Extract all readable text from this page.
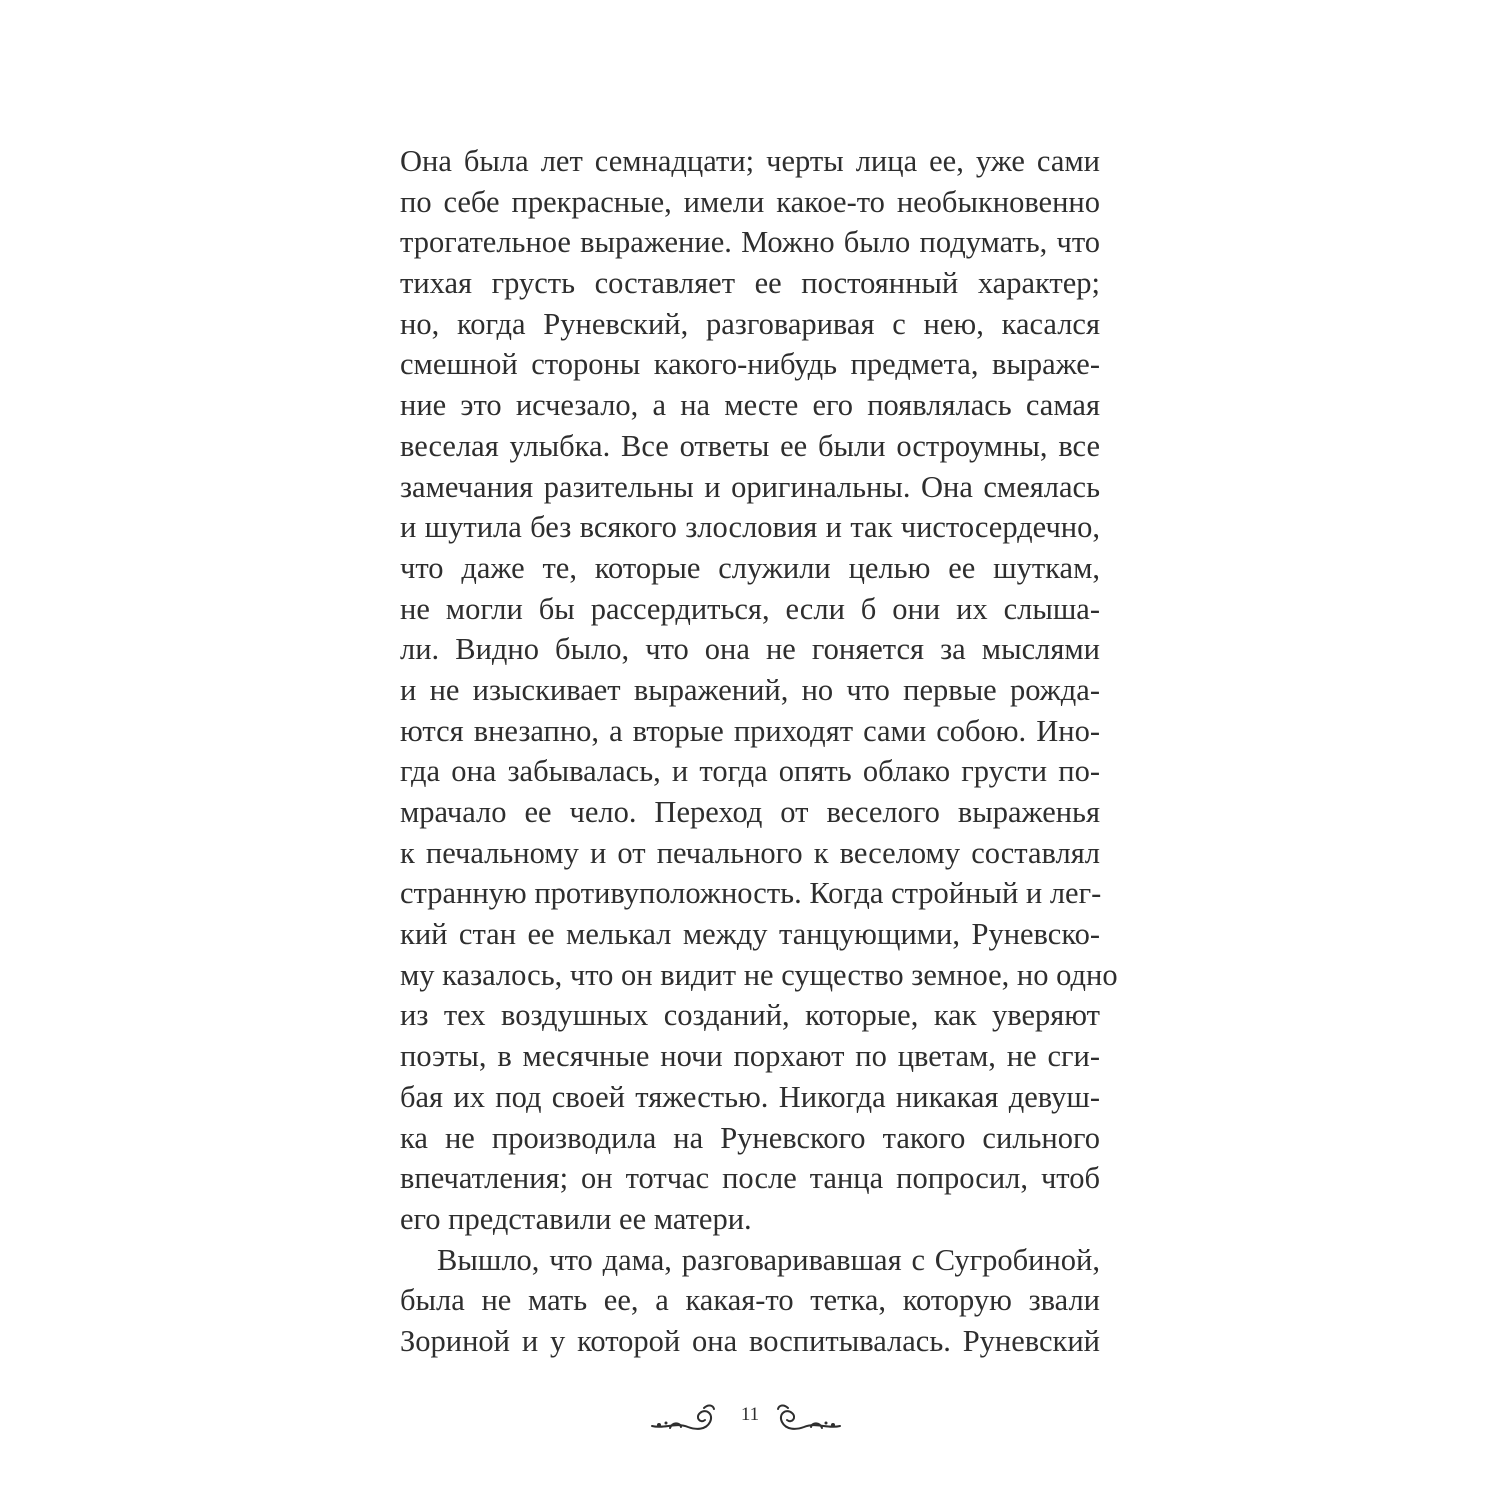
Она была лет семнадцати; черты лица ее, уже сами
по себе прекрасные, имели какое-то необыкновенно
трогательное выражение. Можно было подумать, что
тихая грусть составляет ее постоянный характер;
но, когда Руневский, разговаривая с нею, касался
смешной стороны какого-нибудь предмета, выраже-
ние это исчезало, а на месте его появлялась самая
веселая улыбка. Все ответы ее были остроумны, все
замечания разительны и оригинальны. Она смеялась
и шутила без всякого злословия и так чистосердечно,
что даже те, которые служили целью ее шуткам,
не могли бы рассердиться, если б они их слыша-
ли. Видно было, что она не гоняется за мыслями
и не изыскивает выражений, но что первые рожда-
ются внезапно, а вторые приходят сами собою. Ино-
гда она забывалась, и тогда опять облако грусти по-
мрачало ее чело. Переход от веселого выраженья
к печальному и от печального к веселому составлял
странную противуположность. Когда стройный и лег-
кий стан ее мелькал между танцующими, Руневско-
му казалось, что он видит не существо земное, но одно
из тех воздушных созданий, которые, как уверяют
поэты, в месячные ночи порхают по цветам, не сги-
бая их под своей тяжестью. Никогда никакая девуш-
ка не производила на Руневского такого сильного
впечатления; он тотчас после танца попросил, чтоб
его представили ее матери.
Вышло, что дама, разговаривавшая с Сугробиной,
была не мать ее, а какая-то тетка, которую звали
Зориной и у которой она воспитывалась. Руневский
11
